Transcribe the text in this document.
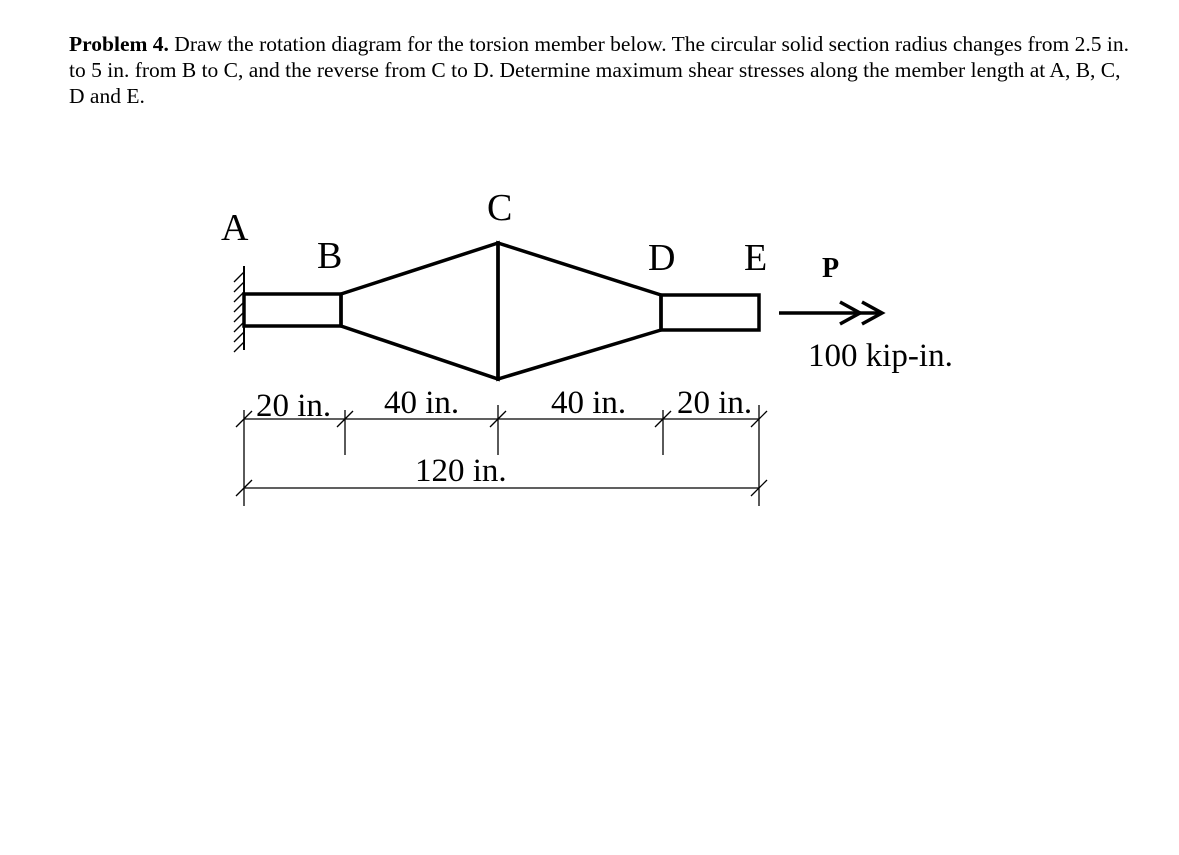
Problem 4. Draw the rotation diagram for the torsion member below. The circular solid section radius changes from 2.5 in. to 5 in. from B to C, and the reverse from C to D. Determine maximum shear stresses along the member length at A, B, C, D and E.

A
B
C
D E P
100 kip-in.
20 in. 40 in.	40 in. 20 in.
120 in.
